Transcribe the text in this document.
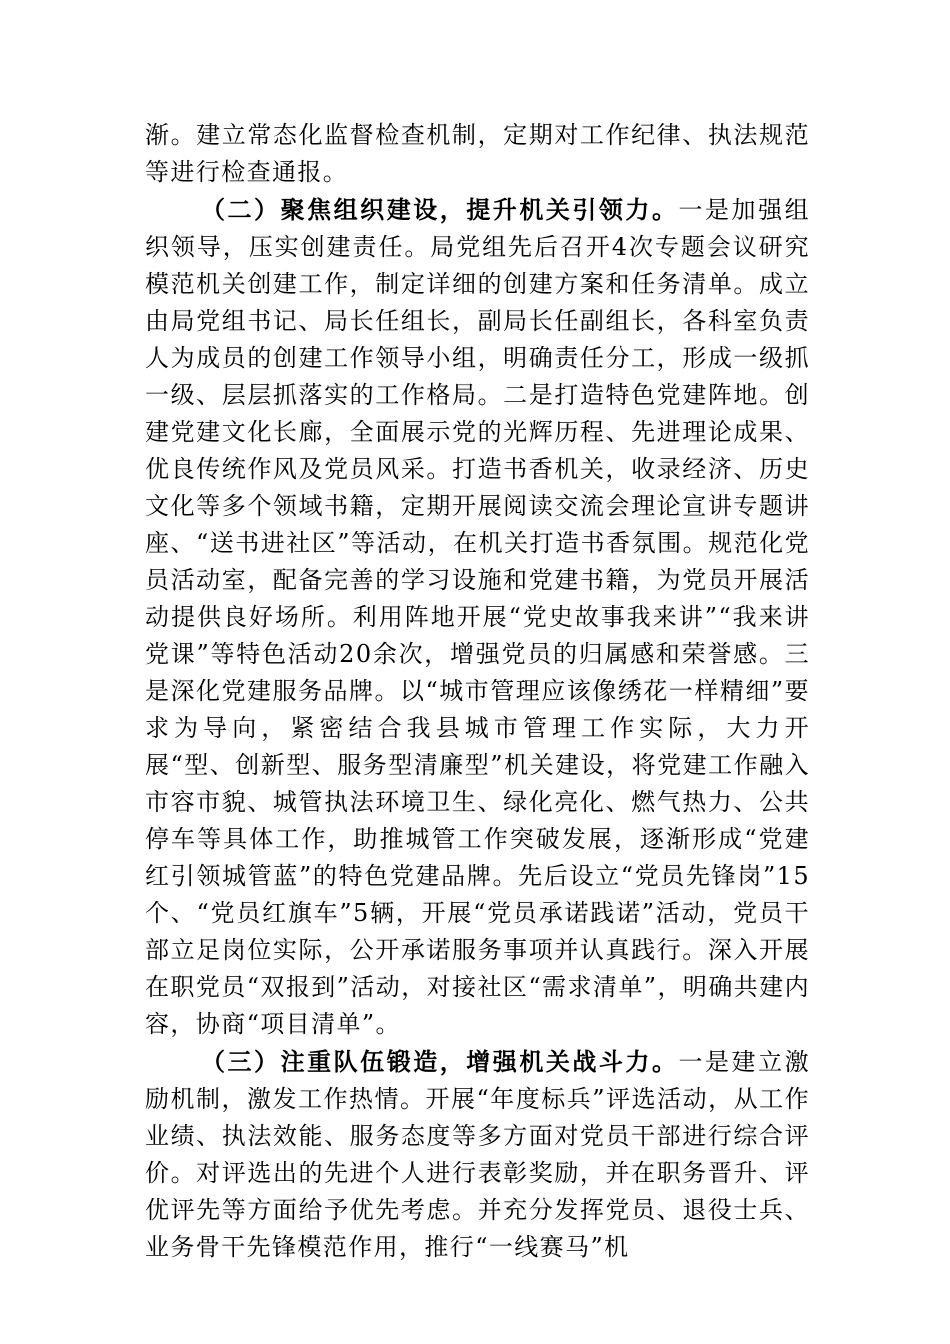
渐。建立常态化监督检查机制，定期对工作纪律、执法规范等进行检查通报。

（二）聚焦组织建设，提升机关引领力。一是加强组织领导，压实创建责任。局党组先后召开4次专题会议研究模范机关创建工作，制定详细的创建方案和任务清单。成立由局党组书记、局长任组长，副局长任副组长，各科室负责人为成员的创建工作领导小组，明确责任分工，形成一级抓一级、层层抓落实的工作格局。二是打造特色党建阵地。创建党建文化长廊，全面展示党的光辉历程、先进理论成果、优良传统作风及党员风采。打造书香机关，收录经济、历史文化等多个领域书籍，定期开展阅读交流会理论宣讲专题讲座、“送书进社区”等活动，在机关打造书香氛围。规范化党员活动室，配备完善的学习设施和党建书籍，为党员开展活动提供良好场所。利用阵地开展“党史故事我来讲”“我来讲党课”等特色活动20余次，增强党员的归属感和荣誉感。三是深化党建服务品牌。以“城市管理应该像绣花一样精细”要求为导向，紧密结合我县城市管理工作实际，大力开展“型、创新型、服务型清廉型”机关建设，将党建工作融入市容市貌、城管执法环境卫生、绿化亮化、燃气热力、公共停车等具体工作，助推城管工作突破发展，逐渐形成“党建红引领城管蓝”的特色党建品牌。先后设立“党员先锋岗”15个、“党员红旗车”5辆，开展“党员承诺践诺”活动，党员干部立足岗位实际，公开承诺服务事项并认真践行。深入开展在职党员“双报到”活动，对接社区“需求清单”，明确共建内容，协商“项目清单”。

（三）注重队伍锻造，增强机关战斗力。一是建立激励机制，激发工作热情。开展“年度标兵”评选活动，从工作业绩、执法效能、服务态度等多方面对党员干部进行综合评价。对评选出的先进个人进行表彰奖励，并在职务晋升、评优评先等方面给予优先考虑。并充分发挥党员、退役士兵、业务骨干先锋模范作用，推行“一线赛马”机
